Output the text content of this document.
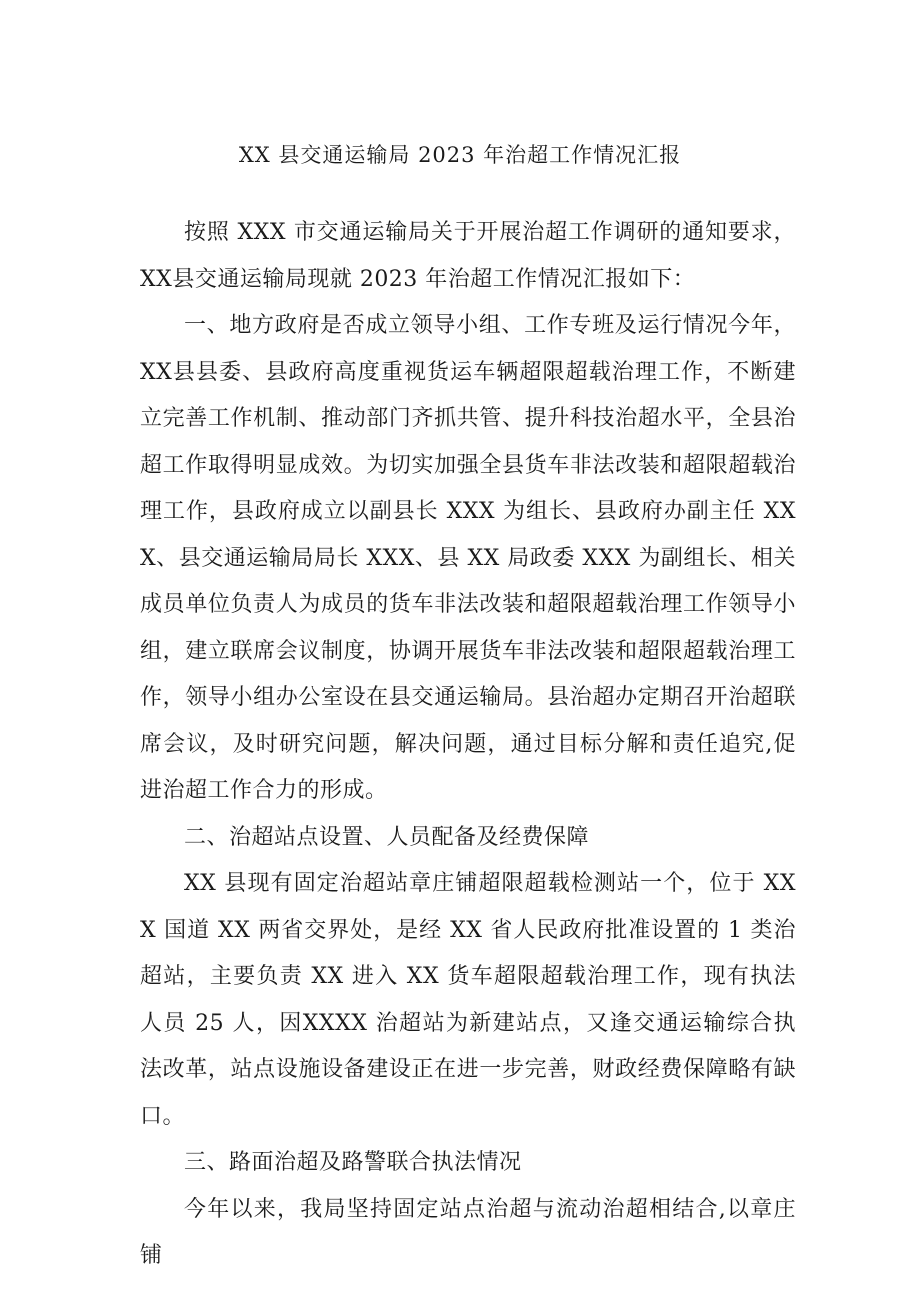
XX 县交通运输局 2023 年治超工作情况汇报

按照 XXX 市交通运输局关于开展治超工作调研的通知要求，XX县交通运输局现就 2023 年治超工作情况汇报如下：

一、地方政府是否成立领导小组、工作专班及运行情况今年，XX县县委、县政府高度重视货运车辆超限超载治理工作，不断建立完善工作机制、推动部门齐抓共管、提升科技治超水平，全县治超工作取得明显成效。为切实加强全县货车非法改装和超限超载治理工作，县政府成立以副县长 XXX 为组长、县政府办副主任 XXX、县交通运输局局长 XXX、县 XX 局政委 XXX 为副组长、相关成员单位负责人为成员的货车非法改装和超限超载治理工作领导小组，建立联席会议制度，协调开展货车非法改装和超限超载治理工作，领导小组办公室设在县交通运输局。县治超办定期召开治超联席会议，及时研究问题，解决问题，通过目标分解和责任追究,促进治超工作合力的形成。

二、治超站点设置、人员配备及经费保障

XX 县现有固定治超站章庄铺超限超载检测站一个，位于 XXX 国道 XX 两省交界处，是经 XX 省人民政府批准设置的 1 类治超站，主要负责 XX 进入 XX 货车超限超载治理工作，现有执法人员 25 人，因XXXX 治超站为新建站点，又逢交通运输综合执法改革，站点设施设备建设正在进一步完善，财政经费保障略有缺口。

三、路面治超及路警联合执法情况

今年以来，我局坚持固定站点治超与流动治超相结合,以章庄铺
